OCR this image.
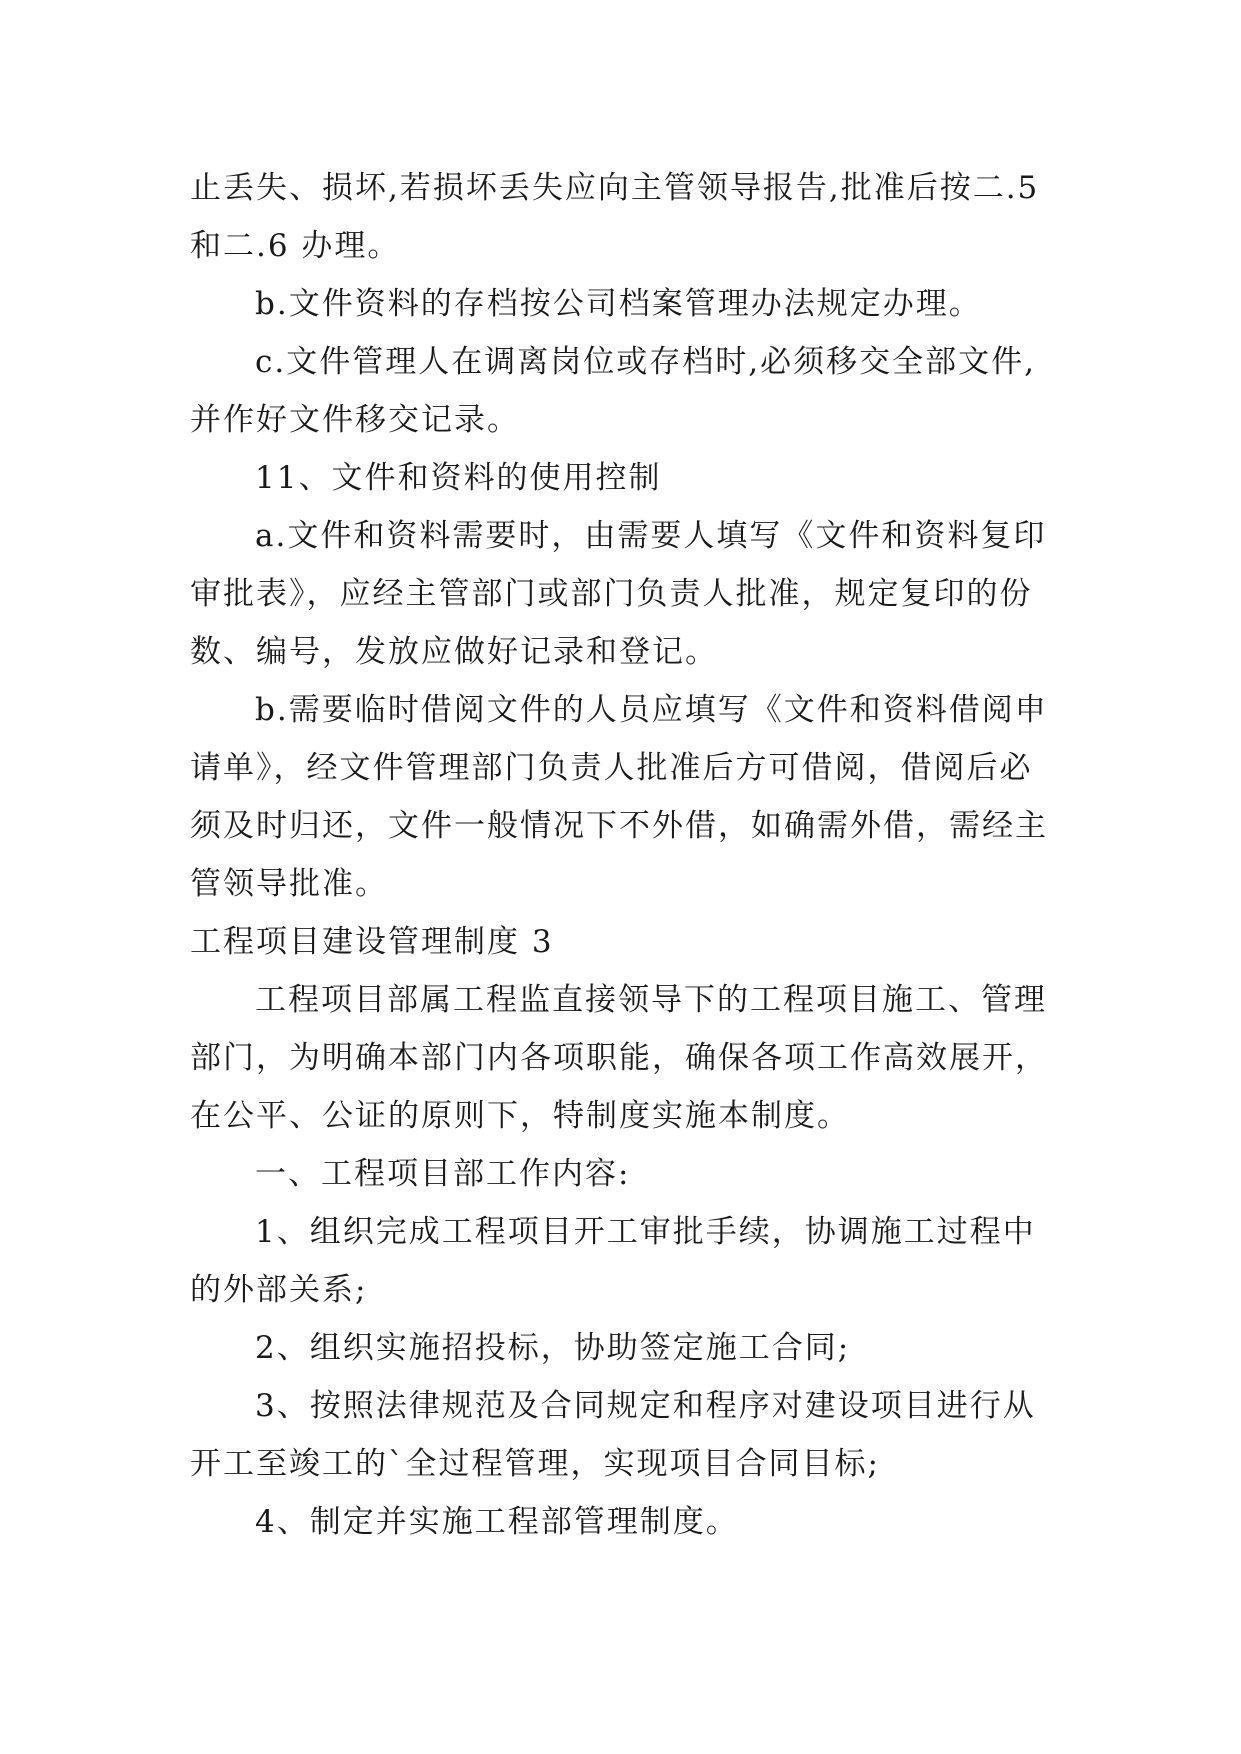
止丢失、损坏,若损坏丢失应向主管领导报告,批准后按二.5
和二.6 办理。
b.文件资料的存档按公司档案管理办法规定办理。
c.文件管理人在调离岗位或存档时,必须移交全部文件,
并作好文件移交记录。
11、文件和资料的使用控制
a.文件和资料需要时，由需要人填写《文件和资料复印
审批表》，应经主管部门或部门负责人批准，规定复印的份
数、编号，发放应做好记录和登记。
b.需要临时借阅文件的人员应填写《文件和资料借阅申
请单》，经文件管理部门负责人批准后方可借阅，借阅后必
须及时归还，文件一般情况下不外借，如确需外借，需经主
管领导批准。
工程项目建设管理制度 3
工程项目部属工程监直接领导下的工程项目施工、管理
部门，为明确本部门内各项职能，确保各项工作高效展开，
在公平、公证的原则下，特制度实施本制度。
一、工程项目部工作内容:
1、组织完成工程项目开工审批手续，协调施工过程中
的外部关系;
2、组织实施招投标，协助签定施工合同;
3、按照法律规范及合同规定和程序对建设项目进行从
开工至竣工的`全过程管理，实现项目合同目标;
4、制定并实施工程部管理制度。
